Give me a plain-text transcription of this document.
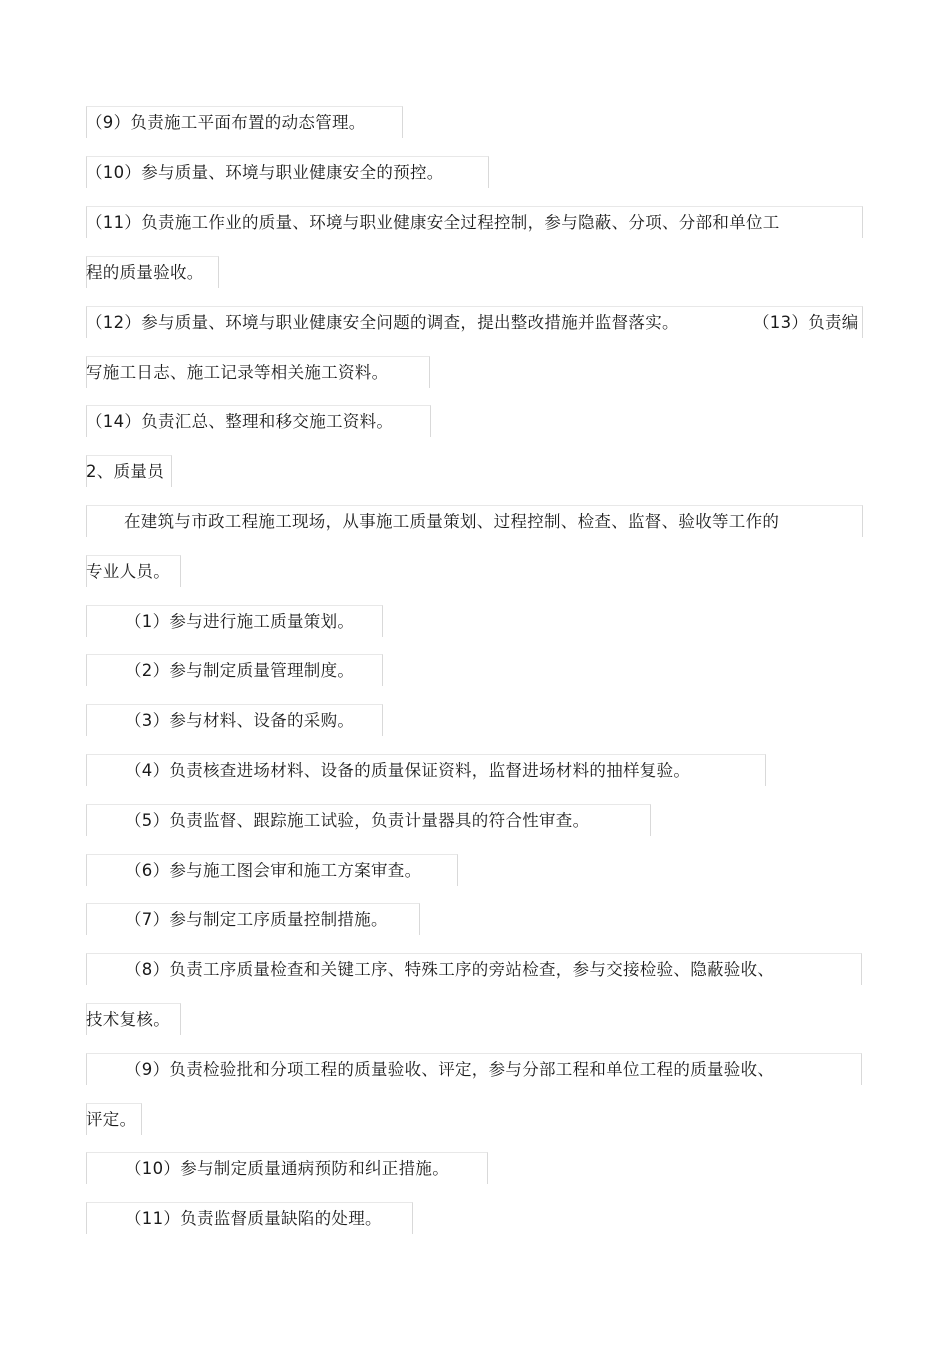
（9）负责施工平面布置的动态管理。
（10）参与质量、环境与职业健康安全的预控。
（11）负责施工作业的质量、环境与职业健康安全过程控制，参与隐蔽、分项、分部和单位工
程的质量验收。
（12）参与质量、环境与职业健康安全问题的调查，提出整改措施并监督落实。	（13）负责编
写施工日志、施工记录等相关施工资料。
（14）负责汇总、整理和移交施工资料。
2、质量员
在建筑与市政工程施工现场，从事施工质量策划、过程控制、检查、监督、验收等工作的
专业人员。
（1）参与进行施工质量策划。
（2）参与制定质量管理制度。
（3）参与材料、设备的采购。
（4）负责核查进场材料、设备的质量保证资料，监督进场材料的抽样复验。
（5）负责监督、跟踪施工试验，负责计量器具的符合性审查。
（6）参与施工图会审和施工方案审查。
（7）参与制定工序质量控制措施。
（8）负责工序质量检查和关键工序、特殊工序的旁站检查，参与交接检验、隐蔽验收、
技术复核。
（9）负责检验批和分项工程的质量验收、评定，参与分部工程和单位工程的质量验收、
评定。
（10）参与制定质量通病预防和纠正措施。
（11）负责监督质量缺陷的处理。
